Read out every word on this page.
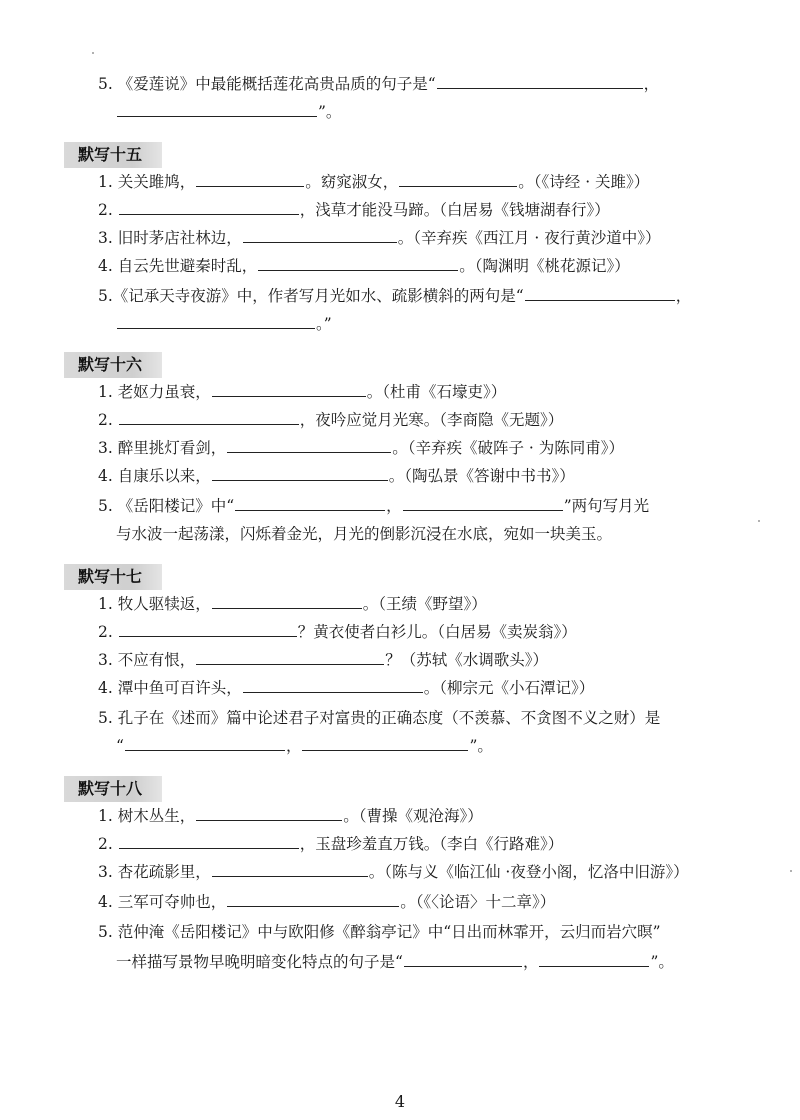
5. 《爱莲说》中最能概括莲花高贵品质的句子是“	，
”。
默写十五
1. 关关雎鸠，	。窈窕淑女，	。（《诗经 · 关雎》）
2.	，浅草才能没马蹄。（白居易《钱塘湖春行》）
3. 旧时茅店社林边，	。（辛弃疾《西江月 · 夜行黄沙道中》）
4. 自云先世避秦时乱，	。（陶渊明《桃花源记》）
5.《记承天寺夜游》中，作者写月光如水、疏影横斜的两句是“	，
。”
默写十六
1. 老妪力虽衰，	。（杜甫《石壕吏》）
2.	，夜吟应觉月光寒。（李商隐《无题》）
3. 醉里挑灯看剑，	。（辛弃疾《破阵子 · 为陈同甫》）
4. 自康乐以来，	。（陶弘景《答谢中书书》）
5. 《岳阳楼记》中“	，	”两句写月光
与水波一起荡漾，闪烁着金光，月光的倒影沉浸在水底，宛如一块美玉。
默写十七
1. 牧人驱犊返，	。（王绩《野望》）
2.	？黄衣使者白衫儿。（白居易《卖炭翁》）
3. 不应有恨，	？（苏轼《水调歌头》）
4. 潭中鱼可百许头，	。（柳宗元《小石潭记》）
5. 孔子在《述而》篇中论述君子对富贵的正确态度（不羡慕、不贪图不义之财）是
“	，	”。
默写十八
1. 树木丛生，	。（曹操《观沧海》）
2.	，玉盘珍羞直万钱。（李白《行路难》）
3. 杏花疏影里，	。（陈与义《临江仙 ·夜登小阁，忆洛中旧游》）
4. 三军可夺帅也，	。（《〈论语〉十二章》）
5. 范仲淹《岳阳楼记》中与欧阳修《醉翁亭记》中“日出而林霏开，云归而岩穴暝”
一样描写景物早晚明暗变化特点的句子是“	，	”。
4
